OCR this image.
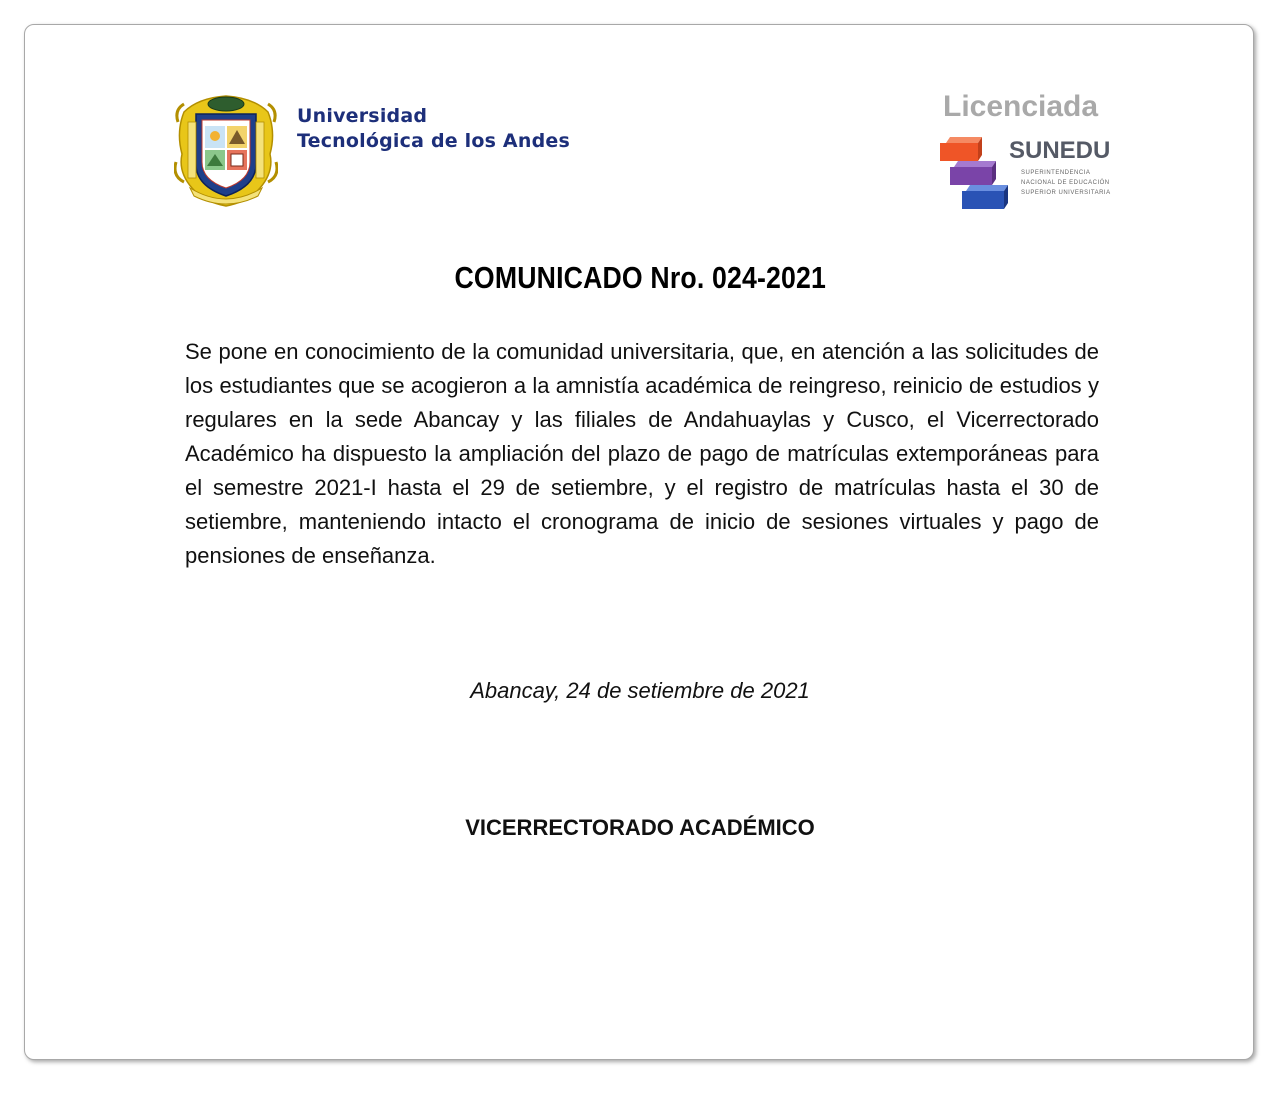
Universidad
Tecnológica de los Andes
Licenciada
SUNEDU
SUPERINTENDENCIA
NACIONAL DE EDUCACIÓN
SUPERIOR UNIVERSITARIA
COMUNICADO Nro. 024-2021

Se pone en conocimiento de la comunidad universitaria, que, en atención a las solicitudes de los estudiantes que se acogieron a la amnistía académica de reingreso, reinicio de estudios y regulares en la sede Abancay y las filiales de Andahuaylas y Cusco, el Vicerrectorado Académico ha dispuesto la ampliación del plazo de pago de matrículas extemporáneas para el semestre 2021-I hasta el 29 de setiembre, y el registro de matrículas hasta el 30 de setiembre, manteniendo intacto el cronograma de inicio de sesiones virtuales y pago de pensiones de enseñanza.

Abancay, 24 de setiembre de 2021
VICERRECTORADO ACADÉMICO
